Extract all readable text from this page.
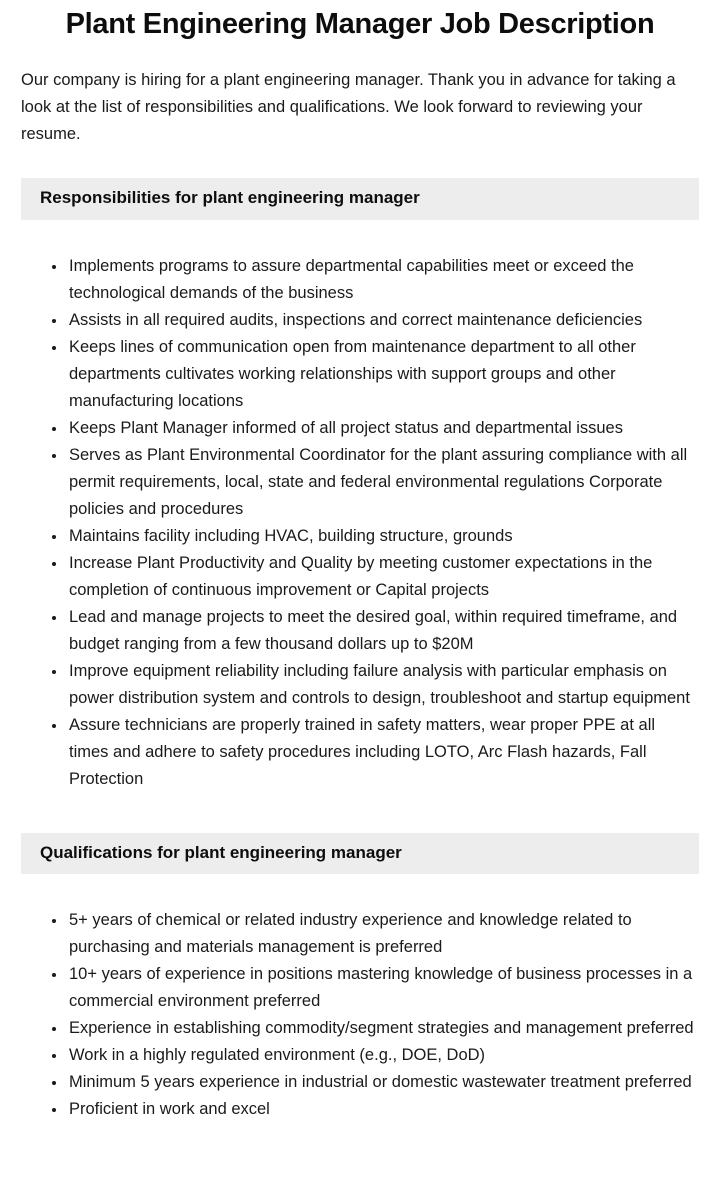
Plant Engineering Manager Job Description

Our company is hiring for a plant engineering manager. Thank you in advance for taking a look at the list of responsibilities and qualifications. We look forward to reviewing your resume.

Responsibilities for plant engineering manager
• Implements programs to assure departmental capabilities meet or exceed the technological demands of the business
• Assists in all required audits, inspections and correct maintenance deficiencies
• Keeps lines of communication open from maintenance department to all other departments cultivates working relationships with support groups and other manufacturing locations
• Keeps Plant Manager informed of all project status and departmental issues
• Serves as Plant Environmental Coordinator for the plant assuring compliance with all permit requirements, local, state and federal environmental regulations Corporate policies and procedures
• Maintains facility including HVAC, building structure, grounds
• Increase Plant Productivity and Quality by meeting customer expectations in the completion of continuous improvement or Capital projects
• Lead and manage projects to meet the desired goal, within required timeframe, and budget ranging from a few thousand dollars up to $20M
• Improve equipment reliability including failure analysis with particular emphasis on power distribution system and controls to design, troubleshoot and startup equipment
• Assure technicians are properly trained in safety matters, wear proper PPE at all times and adhere to safety procedures including LOTO, Arc Flash hazards, Fall Protection
Qualifications for plant engineering manager
• 5+ years of chemical or related industry experience and knowledge related to purchasing and materials management is preferred
• 10+ years of experience in positions mastering knowledge of business processes in a commercial environment preferred
• Experience in establishing commodity/segment strategies and management preferred
• Work in a highly regulated environment (e.g., DOE, DoD)
• Minimum 5 years experience in industrial or domestic wastewater treatment preferred
• Proficient in work and excel
